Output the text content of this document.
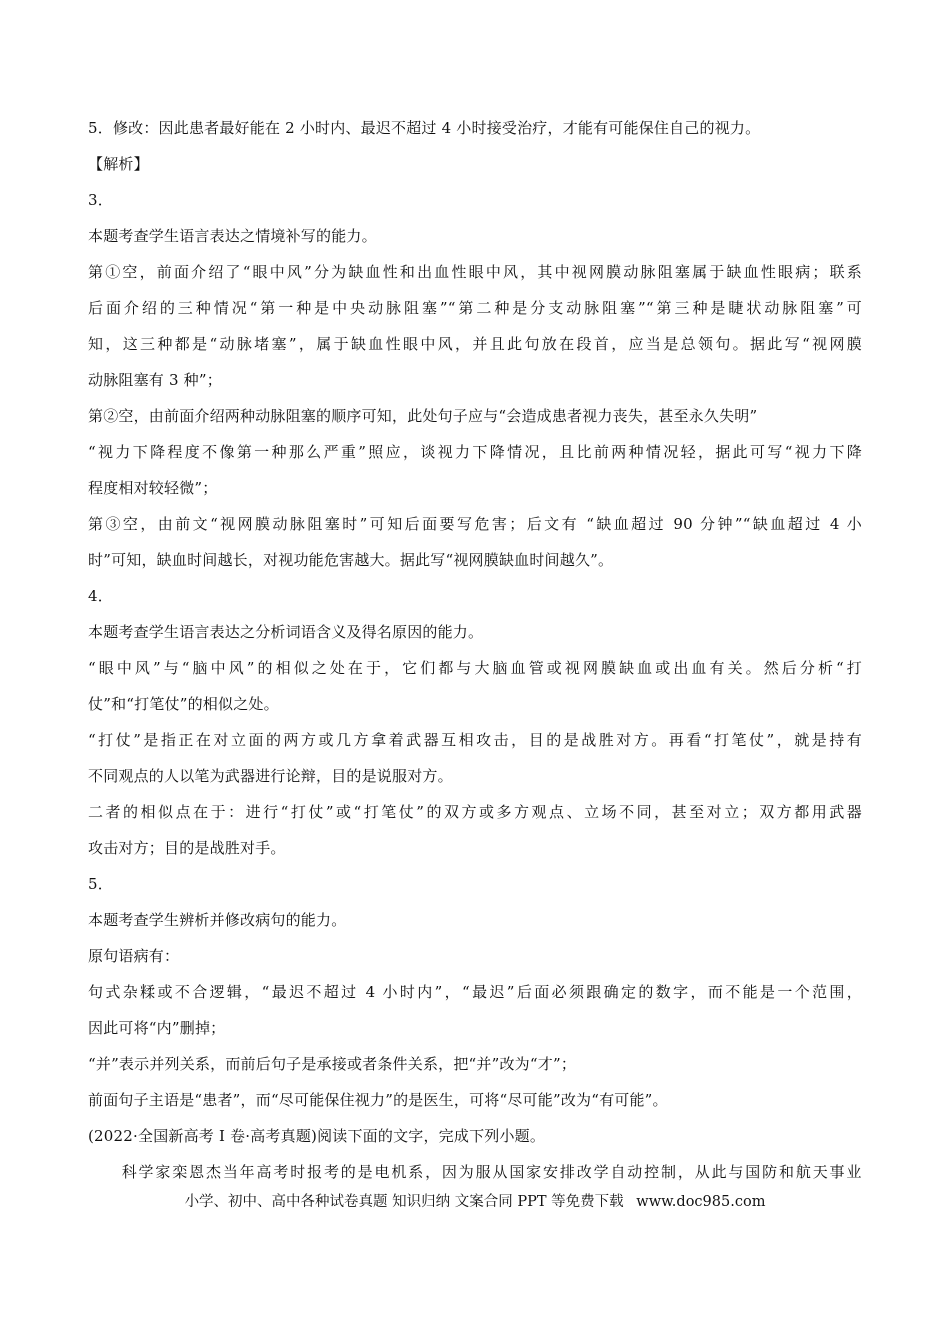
5．修改：因此患者最好能在 2 小时内、最迟不超过 4 小时接受治疗，才能有可能保住自己的视力。
【解析】
3．
本题考查学生语言表达之情境补写的能力。
第①空，前面介绍了“眼中风”分为缺血性和出血性眼中风，其中视网膜动脉阻塞属于缺血性眼病；联系
后面介绍的三种情况“第一种是中央动脉阻塞”“第二种是分支动脉阻塞”“第三种是睫状动脉阻塞”可
知，这三种都是“动脉堵塞”，属于缺血性眼中风，并且此句放在段首，应当是总领句。据此写“视网膜
动脉阻塞有 3 种”；
第②空，由前面介绍两种动脉阻塞的顺序可知，此处句子应与“会造成患者视力丧失，甚至永久失明”
“视力下降程度不像第一种那么严重”照应，谈视力下降情况，且比前两种情况轻，据此可写“视力下降
程度相对较轻微”；
第③空，由前文“视网膜动脉阻塞时”可知后面要写危害；后文有 “缺血超过 90 分钟”“缺血超过 4 小
时”可知，缺血时间越长，对视功能危害越大。据此写“视网膜缺血时间越久”。
4．
本题考查学生语言表达之分析词语含义及得名原因的能力。
“眼中风”与“脑中风”的相似之处在于，它们都与大脑血管或视网膜缺血或出血有关。然后分析“打
仗”和“打笔仗”的相似之处。
“打仗”是指正在对立面的两方或几方拿着武器互相攻击，目的是战胜对方。再看“打笔仗”，就是持有
不同观点的人以笔为武器进行论辩，目的是说服对方。
二者的相似点在于：进行“打仗”或“打笔仗”的双方或多方观点、立场不同，甚至对立；双方都用武器
攻击对方；目的是战胜对手。
5．
本题考查学生辨析并修改病句的能力。
原句语病有：
句式杂糅或不合逻辑，“最迟不超过 4 小时内”，“最迟”后面必须跟确定的数字，而不能是一个范围，
因此可将“内”删掉；
“并”表示并列关系，而前后句子是承接或者条件关系，把“并”改为“才”；
前面句子主语是“患者”，而“尽可能保住视力”的是医生，可将“尽可能”改为“有可能”。
(2022·全国新高考 I 卷·高考真题)阅读下面的文字，完成下列小题。
　　科学家栾恩杰当年高考时报考的是电机系，因为服从国家安排改学自动控制，从此与国防和航天事业
小学、初中、高中各种试卷真题 知识归纳 文案合同 PPT 等免费下载 www.doc985.com
